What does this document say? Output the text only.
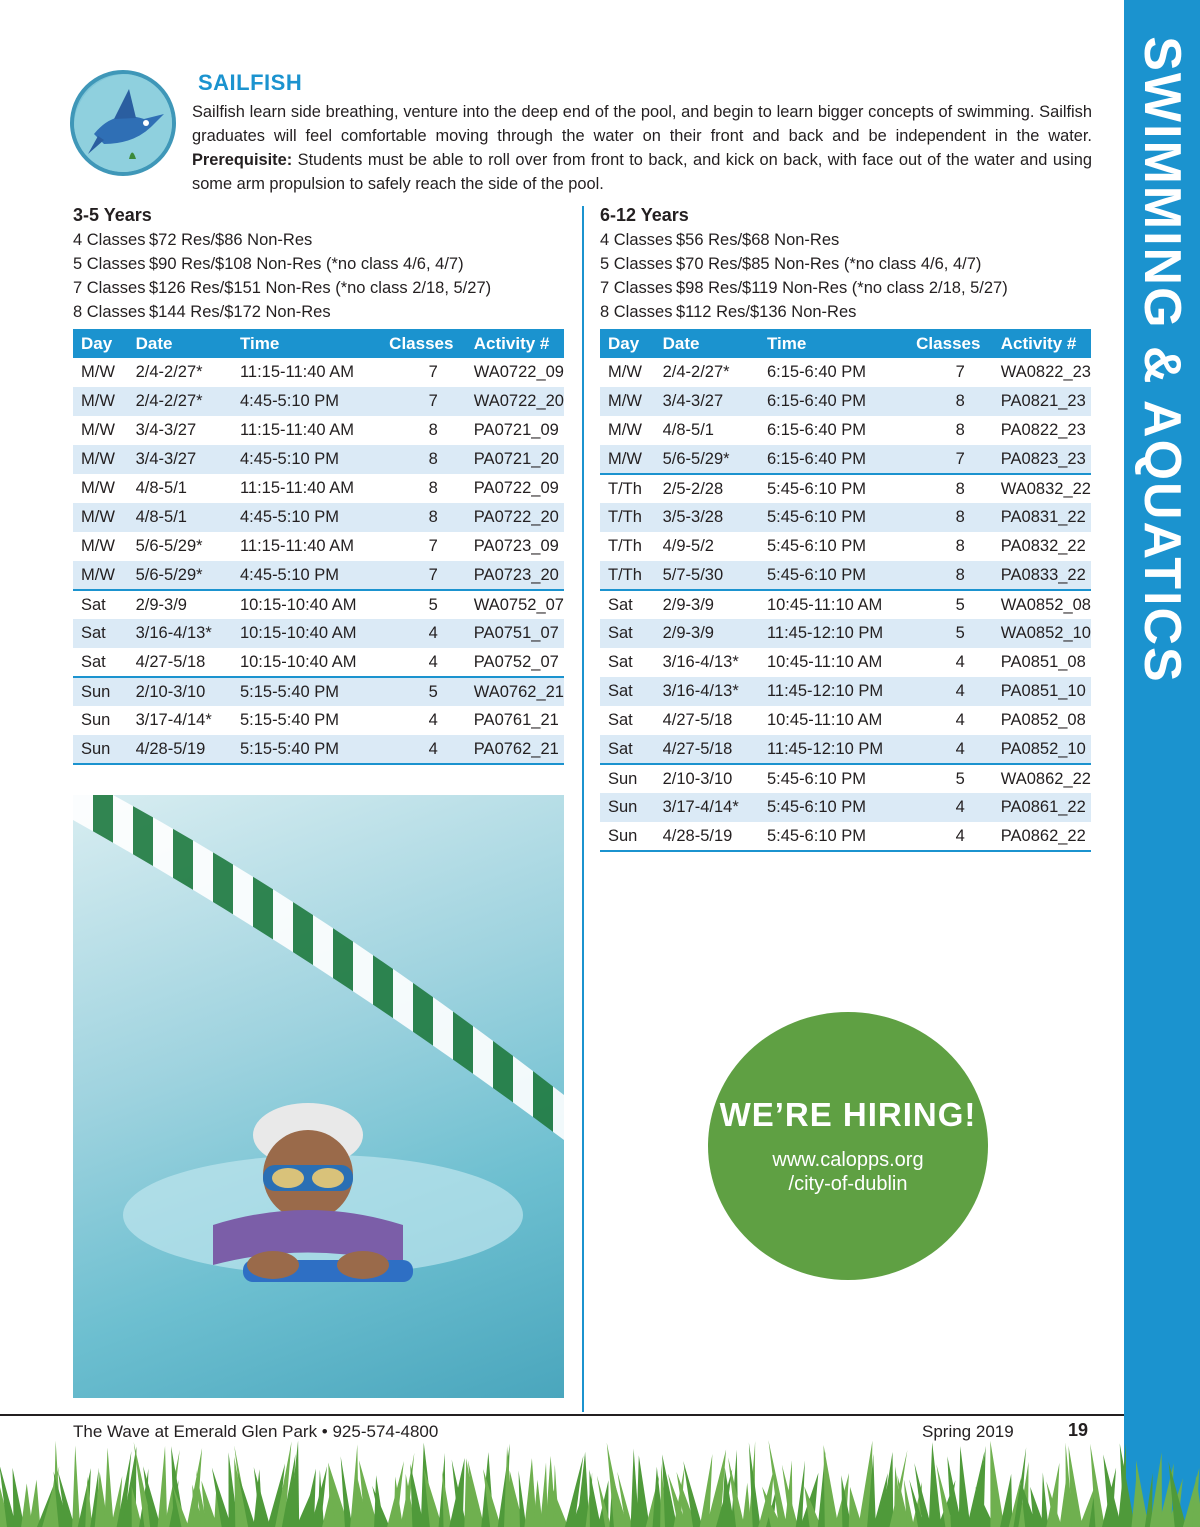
SWIMMING & AQUATICS
SAILFISH

Sailfish learn side breathing, venture into the deep end of the pool, and begin to learn bigger concepts of swimming. Sailfish graduates will feel comfortable moving through the water on their front and back and be independent in the water. Prerequisite: Students must be able to roll over from front to back, and kick on back, with face out of the water and using some arm propulsion to safely reach the side of the pool.

3-5 Years
4 Classes $72 Res/$86 Non-Res
5 Classes $90 Res/$108 Non-Res (*no class 4/6, 4/7)
7 Classes $126 Res/$151 Non-Res (*no class 2/18, 5/27)
8 Classes $144 Res/$172 Non-Res
6-12 Years
4 Classes $56 Res/$68 Non-Res
5 Classes $70 Res/$85 Non-Res (*no class 4/6, 4/7)
7 Classes $98 Res/$119 Non-Res (*no class 2/18, 5/27)
8 Classes $112 Res/$136 Non-Res
Day	Date	Time	Classes	Activity #
M/W	2/4-2/27*	11:15-11:40 AM	7	WA0722_09
M/W	2/4-2/27*	4:45-5:10 PM	7	WA0722_20
M/W	3/4-3/27	11:15-11:40 AM	8	PA0721_09
M/W	3/4-3/27	4:45-5:10 PM	8	PA0721_20
M/W	4/8-5/1	11:15-11:40 AM	8	PA0722_09
M/W	4/8-5/1	4:45-5:10 PM	8	PA0722_20
M/W	5/6-5/29*	11:15-11:40 AM	7	PA0723_09
M/W	5/6-5/29*	4:45-5:10 PM	7	PA0723_20
Sat	2/9-3/9	10:15-10:40 AM	5	WA0752_07
Sat	3/16-4/13*	10:15-10:40 AM	4	PA0751_07
Sat	4/27-5/18	10:15-10:40 AM	4	PA0752_07
Sun	2/10-3/10	5:15-5:40 PM	5	WA0762_21
Sun	3/17-4/14*	5:15-5:40 PM	4	PA0761_21
Sun	4/28-5/19	5:15-5:40 PM	4	PA0762_21
Day	Date	Time	Classes	Activity #
M/W	2/4-2/27*	6:15-6:40 PM	7	WA0822_23
M/W	3/4-3/27	6:15-6:40 PM	8	PA0821_23
M/W	4/8-5/1	6:15-6:40 PM	8	PA0822_23
M/W	5/6-5/29*	6:15-6:40 PM	7	PA0823_23
T/Th	2/5-2/28	5:45-6:10 PM	8	WA0832_22
T/Th	3/5-3/28	5:45-6:10 PM	8	PA0831_22
T/Th	4/9-5/2	5:45-6:10 PM	8	PA0832_22
T/Th	5/7-5/30	5:45-6:10 PM	8	PA0833_22
Sat	2/9-3/9	10:45-11:10 AM	5	WA0852_08
Sat	2/9-3/9	11:45-12:10 PM	5	WA0852_10
Sat	3/16-4/13*	10:45-11:10 AM	4	PA0851_08
Sat	3/16-4/13*	11:45-12:10 PM	4	PA0851_10
Sat	4/27-5/18	10:45-11:10 AM	4	PA0852_08
Sat	4/27-5/18	11:45-12:10 PM	4	PA0852_10
Sun	2/10-3/10	5:45-6:10 PM	5	WA0862_22
Sun	3/17-4/14*	5:45-6:10 PM	4	PA0861_22
Sun	4/28-5/19	5:45-6:10 PM	4	PA0862_22
WE’RE HIRING!
www.calopps.org
/city-of-dublin
The Wave at Emerald Glen Park • 925-574-4800	Spring 2019	19
